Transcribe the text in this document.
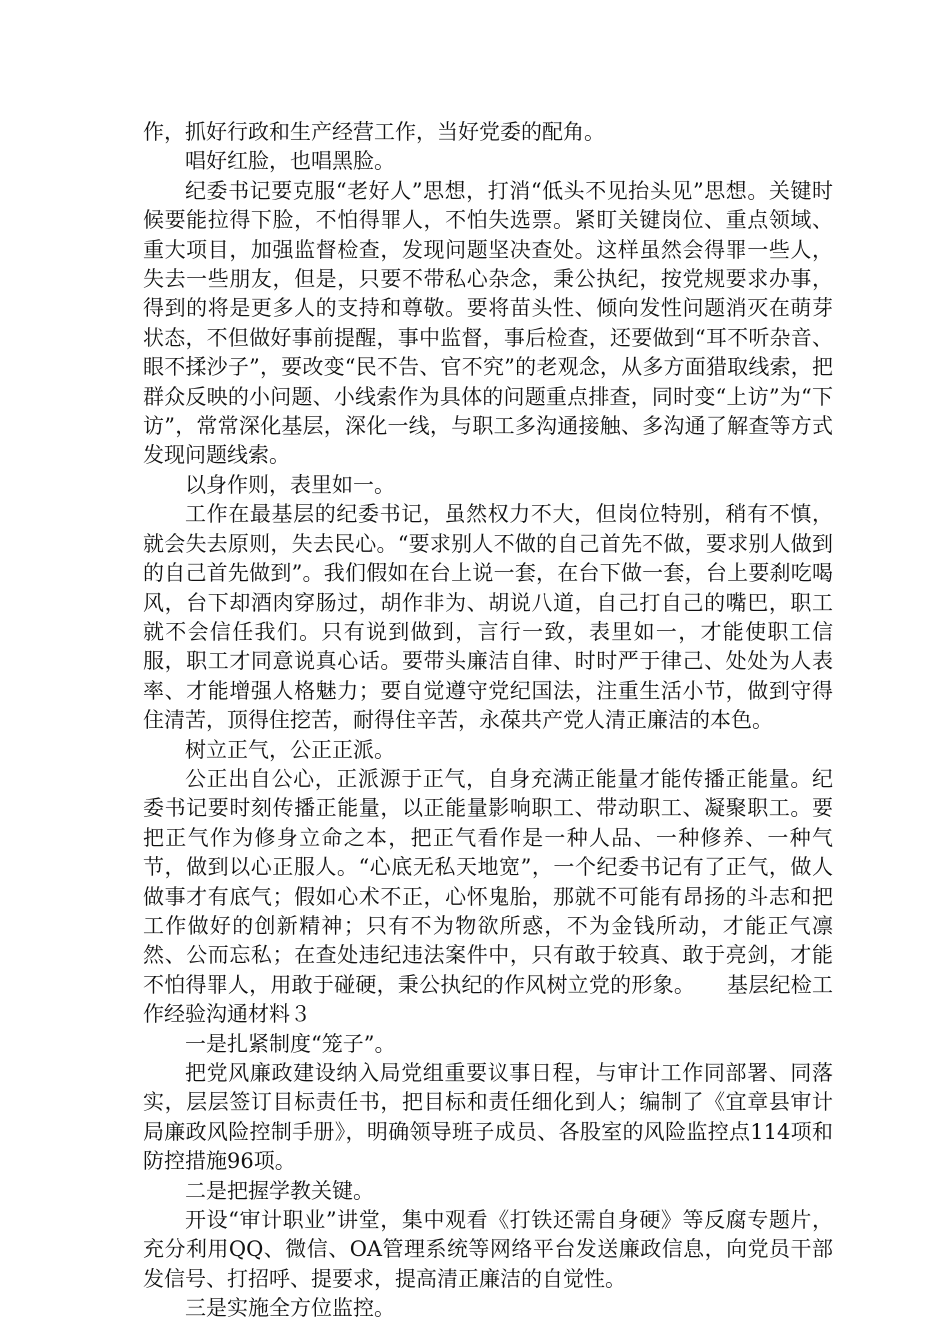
作，抓好行政和生产经营工作，当好党委的配角。

唱好红脸，也唱黑脸。

纪委书记要克服“老好人”思想，打消“低头不见抬头见”思想。关键时候要能拉得下脸，不怕得罪人，不怕失选票。紧盯关键岗位、重点领域、重大项目，加强监督检查，发现问题坚决查处。这样虽然会得罪一些人，失去一些朋友，但是，只要不带私心杂念，秉公执纪，按党规要求办事，得到的将是更多人的支持和尊敬。要将苗头性、倾向发性问题消灭在萌芽状态，不但做好事前提醒，事中监督，事后检查，还要做到“耳不听杂音、眼不揉沙子”，要改变“民不告、官不究”的老观念，从多方面猎取线索，把群众反映的小问题、小线索作为具体的问题重点排查，同时变“上访”为“下访”，常常深化基层，深化一线，与职工多沟通接触、多沟通了解查等方式发现问题线索。

以身作则，表里如一。

工作在最基层的纪委书记，虽然权力不大，但岗位特别，稍有不慎，就会失去原则，失去民心。“要求别人不做的自己首先不做，要求别人做到的自己首先做到”。我们假如在台上说一套，在台下做一套，台上要刹吃喝风，台下却酒肉穿肠过，胡作非为、胡说八道，自己打自己的嘴巴，职工就不会信任我们。只有说到做到，言行一致，表里如一，才能使职工信服，职工才同意说真心话。要带头廉洁自律、时时严于律己、处处为人表率、才能增强人格魅力；要自觉遵守党纪国法，注重生活小节，做到守得住清苦，顶得住挖苦，耐得住辛苦，永葆共产党人清正廉洁的本色。

树立正气，公正正派。

公正出自公心，正派源于正气，自身充满正能量才能传播正能量。纪委书记要时刻传播正能量，以正能量影响职工、带动职工、凝聚职工。要把正气作为修身立命之本，把正气看作是一种人品、一种修养、一种气节，做到以心正服人。“心底无私天地宽”，一个纪委书记有了正气，做人做事才有底气；假如心术不正，心怀鬼胎，那就不可能有昂扬的斗志和把工作做好的创新精神；只有不为物欲所惑，不为金钱所动，才能正气凛然、公而忘私；在查处违纪违法案件中，只有敢于较真、敢于亮剑，才能不怕得罪人，用敢于碰硬，秉公执纪的作风树立党的形象。　　基层纪检工作经验沟通材料３

一是扎紧制度“笼子”。

把党风廉政建设纳入局党组重要议事日程，与审计工作同部署、同落实，层层签订目标责任书，把目标和责任细化到人；编制了《宜章县审计局廉政风险控制手册》，明确领导班子成员、各股室的风险监控点114项和防控措施96项。

二是把握学教关键。

开设“审计职业”讲堂，集中观看《打铁还需自身硬》等反腐专题片，充分利用QQ、微信、OA管理系统等网络平台发送廉政信息，向党员干部发信号、打招呼、提要求，提高清正廉洁的自觉性。

三是实施全方位监控。
